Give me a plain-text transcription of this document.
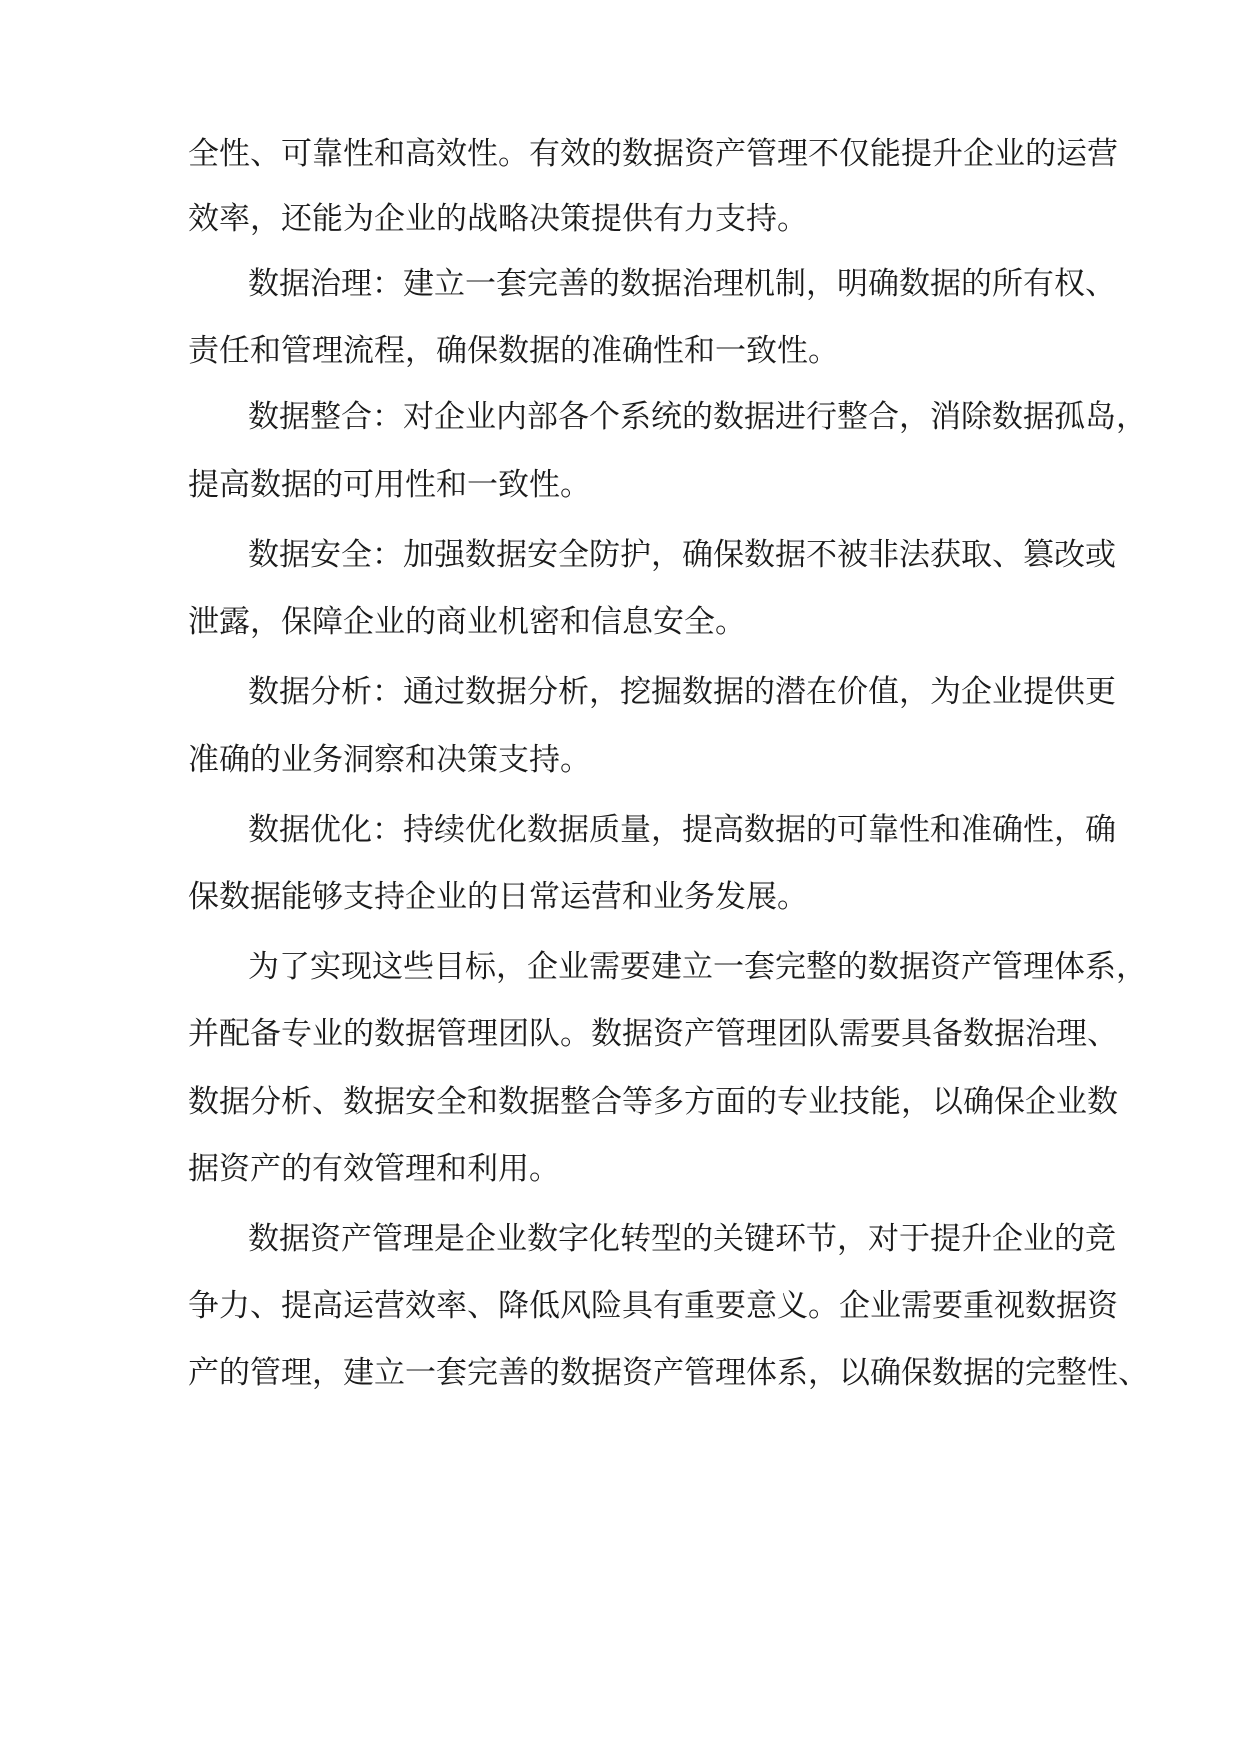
全性、可靠性和高效性。有效的数据资产管理不仅能提升企业的运营
效率，还能为企业的战略决策提供有力支持。
数据治理：建立一套完善的数据治理机制，明确数据的所有权、
责任和管理流程，确保数据的准确性和一致性。
数据整合：对企业内部各个系统的数据进行整合，消除数据孤岛，
提高数据的可用性和一致性。
数据安全：加强数据安全防护，确保数据不被非法获取、篡改或
泄露，保障企业的商业机密和信息安全。
数据分析：通过数据分析，挖掘数据的潜在价值，为企业提供更
准确的业务洞察和决策支持。
数据优化：持续优化数据质量，提高数据的可靠性和准确性，确
保数据能够支持企业的日常运营和业务发展。
为了实现这些目标，企业需要建立一套完整的数据资产管理体系，
并配备专业的数据管理团队。数据资产管理团队需要具备数据治理、
数据分析、数据安全和数据整合等多方面的专业技能，以确保企业数
据资产的有效管理和利用。
数据资产管理是企业数字化转型的关键环节，对于提升企业的竞
争力、提高运营效率、降低风险具有重要意义。企业需要重视数据资
产的管理，建立一套完善的数据资产管理体系，以确保数据的完整性、
